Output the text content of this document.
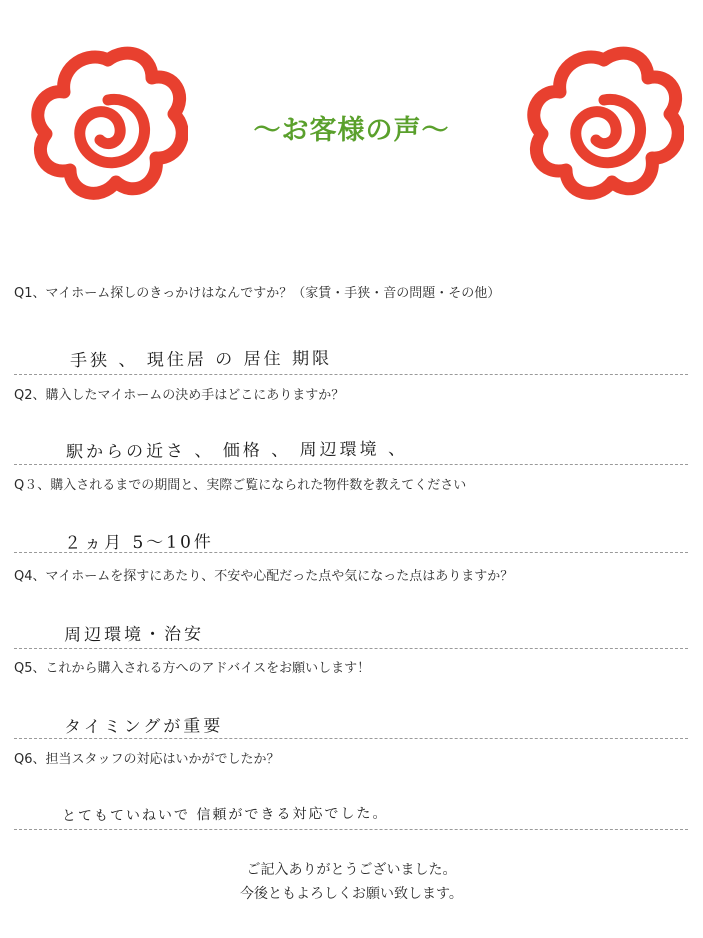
〜お客様の声〜
Q1、マイホーム探しのきっかけはなんですか？（家賃・手狭・音の問題・その他）
手狭 、 現住居 の 居住 期限
Q2、購入したマイホームの決め手はどこにありますか？
駅からの近さ 、 価格 、 周辺環境 、
Q３、購入されるまでの期間と、実際ご覧になられた物件数を教えてください
２ヵ月 5〜10件
Q4、マイホームを探すにあたり、不安や心配だった点や気になった点はありますか？
周辺環境・治安
Q5、これから購入される方へのアドバイスをお願いします！
タイミングが重要
Q6、担当スタッフの対応はいかがでしたか？
とてもていねいで 信頼ができる対応でした。
ご記入ありがとうございました。
今後ともよろしくお願い致します。
